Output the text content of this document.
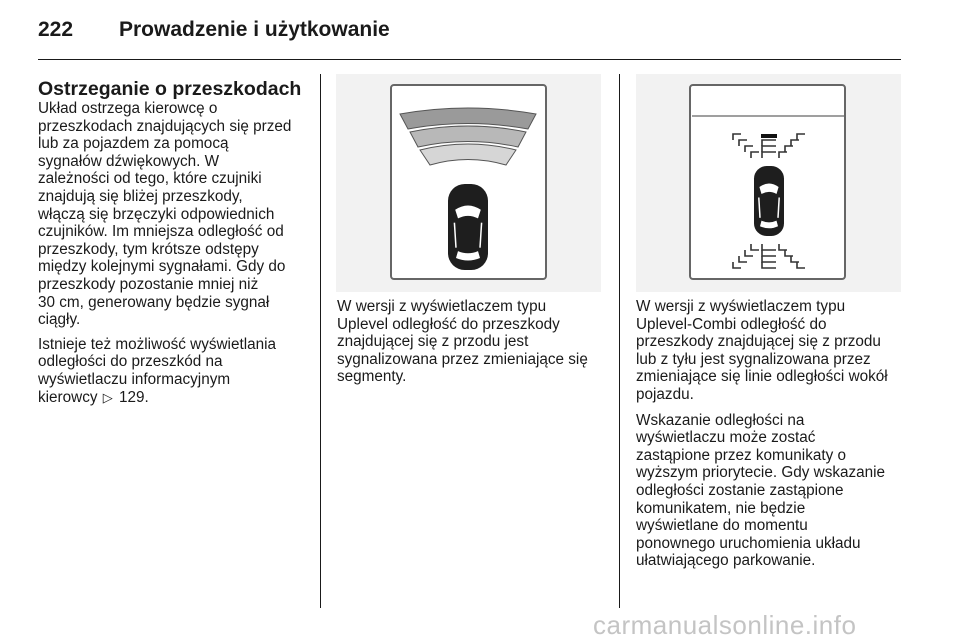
222 Prowadzenie i użytkowanie
Ostrzeganie o przeszkodach

Układ ostrzega kierowcę o
przeszkodach znajdujących się przed
lub za pojazdem za pomocą
sygnałów dźwiękowych. W
zależności od tego, które czujniki
znajdują się bliżej przeszkody,
włączą się brzęczyki odpowiednich
czujników. Im mniejsza odległość od
przeszkody, tym krótsze odstępy
między kolejnymi sygnałami. Gdy do
przeszkody pozostanie mniej niż
30 cm, generowany będzie sygnał
ciągły.

Istnieje też możliwość wyświetlania
odległości do przeszkód na
wyświetlaczu informacyjnym
kierowcy ▷ 129.

W wersji z wyświetlaczem typu
Uplevel odległość do przeszkody
znajdującej się z przodu jest
sygnalizowana przez zmieniające się
segmenty.

W wersji z wyświetlaczem typu
Uplevel-Combi odległość do
przeszkody znajdującej się z przodu
lub z tyłu jest sygnalizowana przez
zmieniające się linie odległości wokół
pojazdu.

Wskazanie odległości na
wyświetlaczu może zostać
zastąpione przez komunikaty o
wyższym priorytecie. Gdy wskazanie
odległości zostanie zastąpione
komunikatem, nie będzie
wyświetlane do momentu
ponownego uruchomienia układu
ułatwiającego parkowanie.

carmanualsonline.info
